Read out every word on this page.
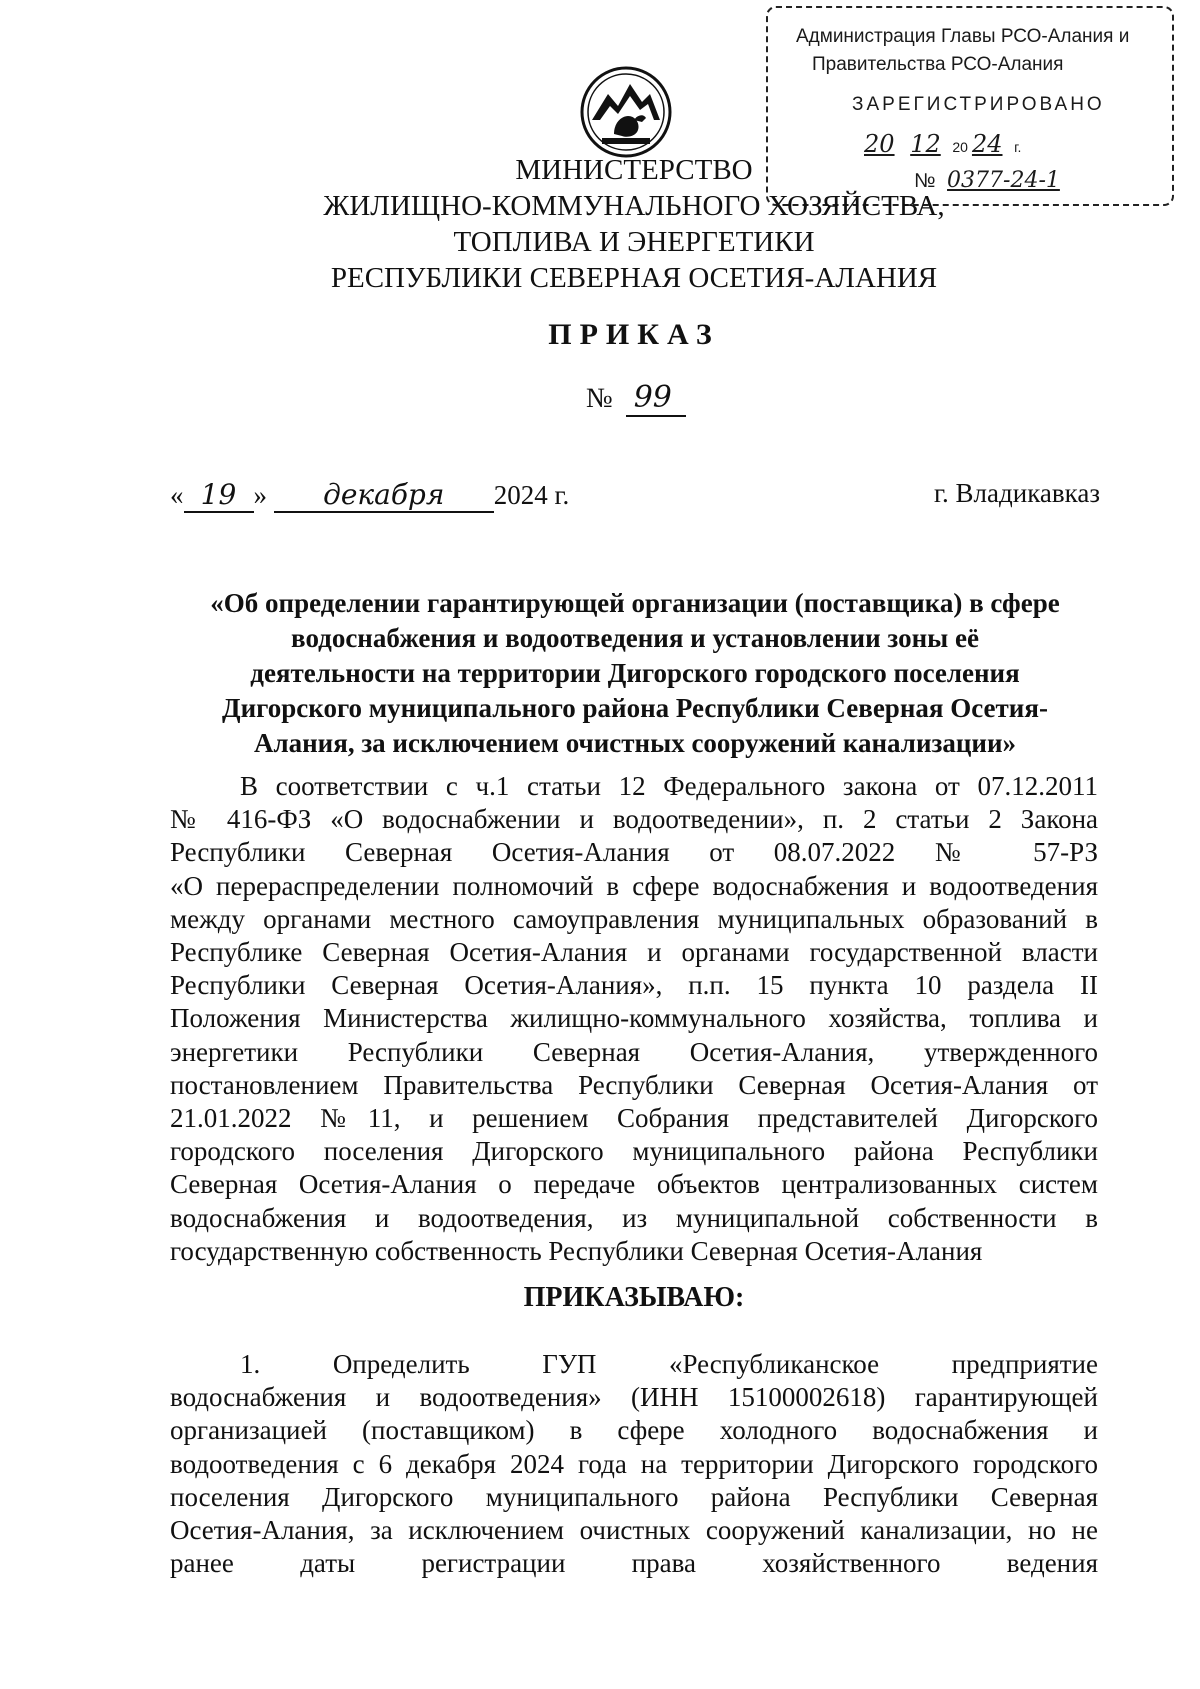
Администрация Главы РСО-Алания и
Правительства РСО-Алания
ЗАРЕГИСТРИРОВАНО
20 12 20 24 г.
№ 0377-24-1
МИНИСТЕРСТВО
ЖИЛИЩНО-КОММУНАЛЬНОГО ХОЗЯЙСТВА,
ТОПЛИВА И ЭНЕРГЕТИКИ
РЕСПУБЛИКИ СЕВЕРНАЯ ОСЕТИЯ-АЛАНИЯ
ПРИКАЗ
№ 99
« 19 » декабря 2024 г.	г. Владикавказ
«Об определении гарантирующей организации (поставщика) в сфере
водоснабжения и водоотведения и установлении зоны её
деятельности на территории Дигорского городского поселения
Дигорского муниципального района Республики Северная Осетия-
Алания, за исключением очистных сооружений канализации»
В соответствии с ч.1 статьи 12 Федерального закона от 07.12.2011
№ 416-ФЗ «О водоснабжении и водоотведении», п. 2 статьи 2 Закона
Республики Северная Осетия-Алания от 08.07.2022 № 57-РЗ
«О перераспределении полномочий в сфере водоснабжения и водоотведения
между органами местного самоуправления муниципальных образований в
Республике Северная Осетия-Алания и органами государственной власти
Республики Северная Осетия-Алания», п.п. 15 пункта 10 раздела II
Положения Министерства жилищно-коммунального хозяйства, топлива и
энергетики Республики Северная Осетия-Алания, утвержденного
постановлением Правительства Республики Северная Осетия-Алания от
21.01.2022 №11, и решением Собрания представителей Дигорского
городского поселения Дигорского муниципального района Республики
Северная Осетия-Алания о передаче объектов централизованных систем
водоснабжения и водоотведения, из муниципальной собственности в
государственную собственность Республики Северная Осетия-Алания
ПРИКАЗЫВАЮ:
1. Определить ГУП «Республиканское предприятие
водоснабжения и водоотведения» (ИНН 15100002618) гарантирующей
организацией (поставщиком) в сфере холодного водоснабжения и
водоотведения с 6 декабря 2024 года на территории Дигорского городского
поселения Дигорского муниципального района Республики Северная
Осетия-Алания, за исключением очистных сооружений канализации, но не
ранее даты регистрации права хозяйственного ведения
